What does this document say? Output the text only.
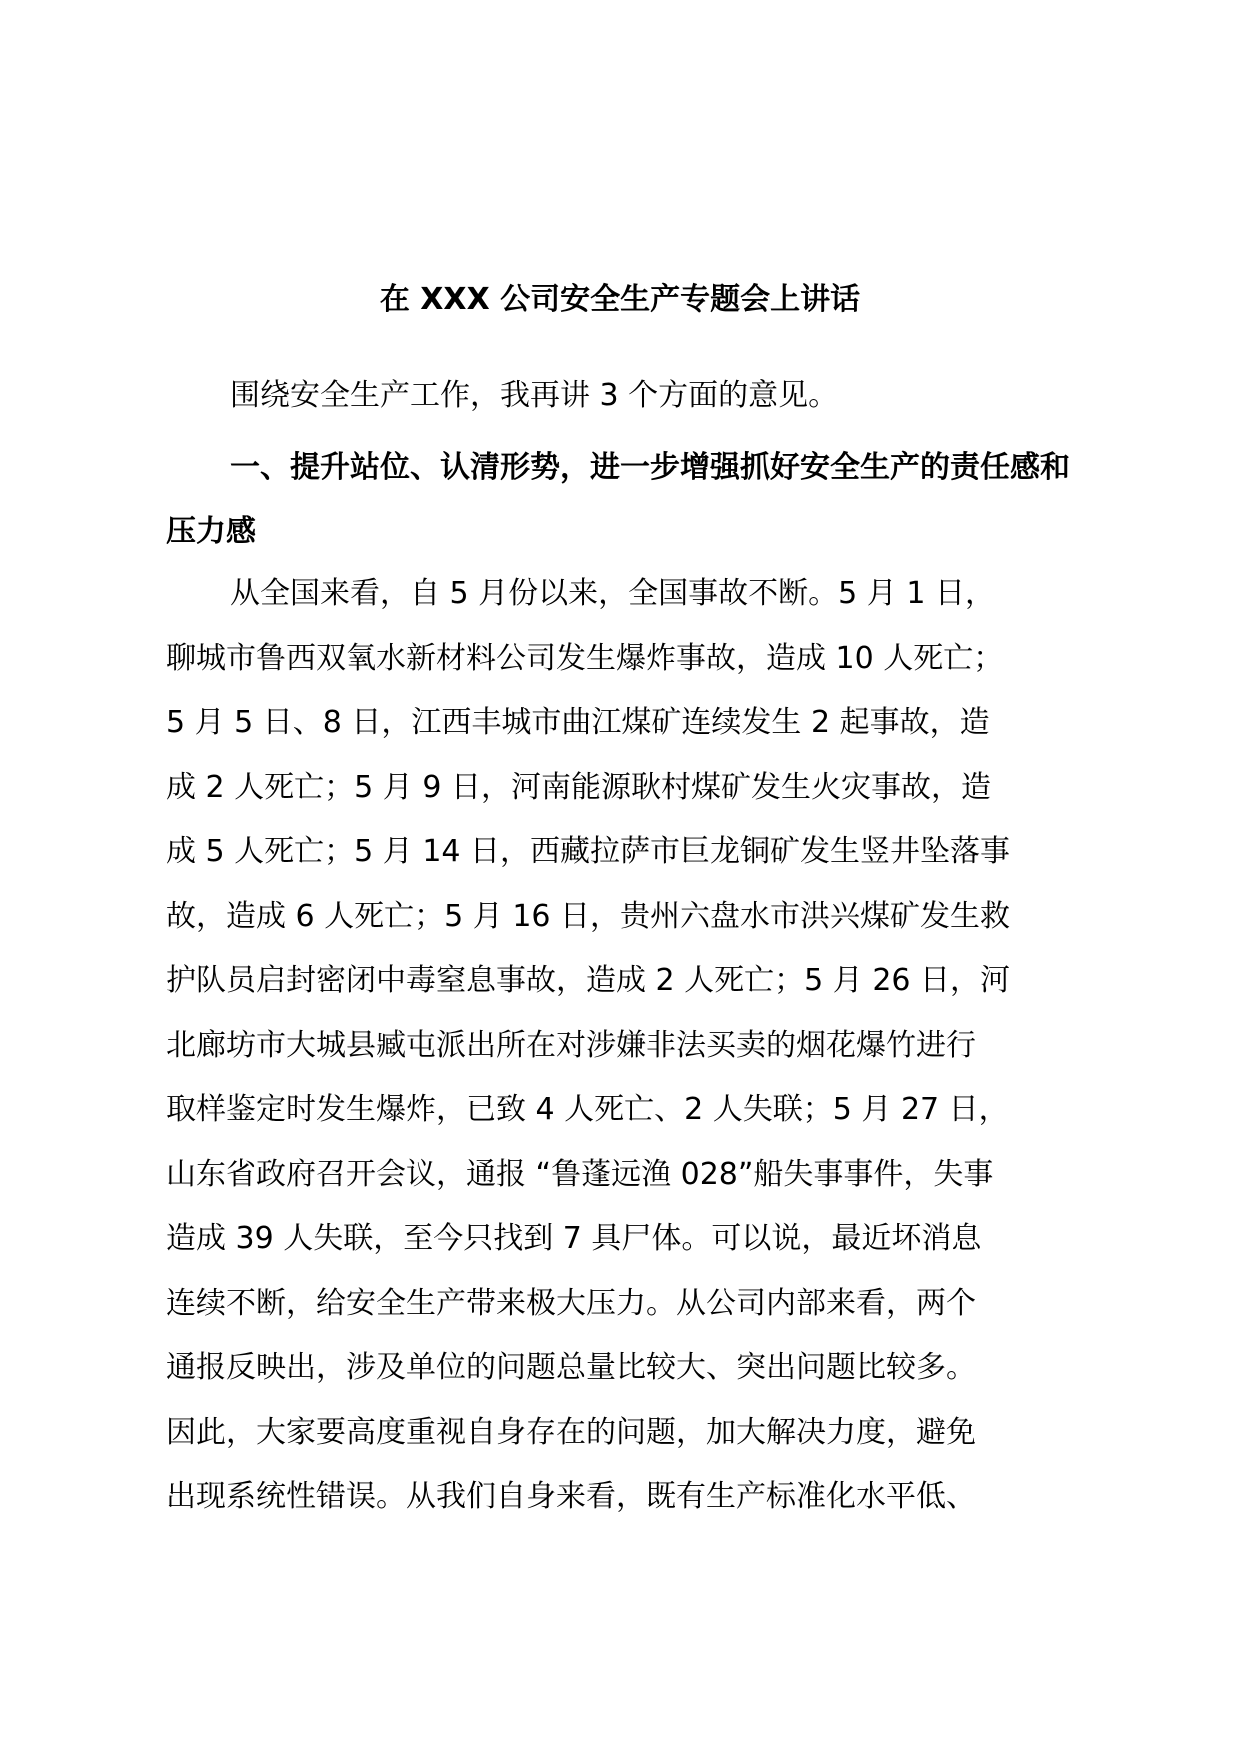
在 XXX 公司安全生产专题会上讲话

围绕安全生产工作，我再讲 3 个方面的意见。

一、提升站位、认清形势，进一步增强抓好安全生产的责任感和压力感
从全国来看，自 5 月份以来，全国事故不断。5 月 1 日，
聊城市鲁西双氧水新材料公司发生爆炸事故，造成 10 人死亡；
5 月 5 日、8 日，江西丰城市曲江煤矿连续发生 2 起事故，造
成 2 人死亡；5 月 9 日，河南能源耿村煤矿发生火灾事故，造
成 5 人死亡；5 月 14 日，西藏拉萨市巨龙铜矿发生竖井坠落事
故，造成 6 人死亡；5 月 16 日，贵州六盘水市洪兴煤矿发生救
护队员启封密闭中毒窒息事故，造成 2 人死亡；5 月 26 日，河
北廊坊市大城县臧屯派出所在对涉嫌非法买卖的烟花爆竹进行
取样鉴定时发生爆炸，已致 4 人死亡、2 人失联；5 月 27 日，
山东省政府召开会议，通报 “鲁蓬远渔 028”船失事事件，失事
造成 39 人失联，至今只找到 7 具尸体。可以说，最近坏消息
连续不断，给安全生产带来极大压力。从公司内部来看，两个
通报反映出，涉及单位的问题总量比较大、突出问题比较多。
因此，大家要高度重视自身存在的问题，加大解决力度，避免
出现系统性错误。从我们自身来看，既有生产标准化水平低、
